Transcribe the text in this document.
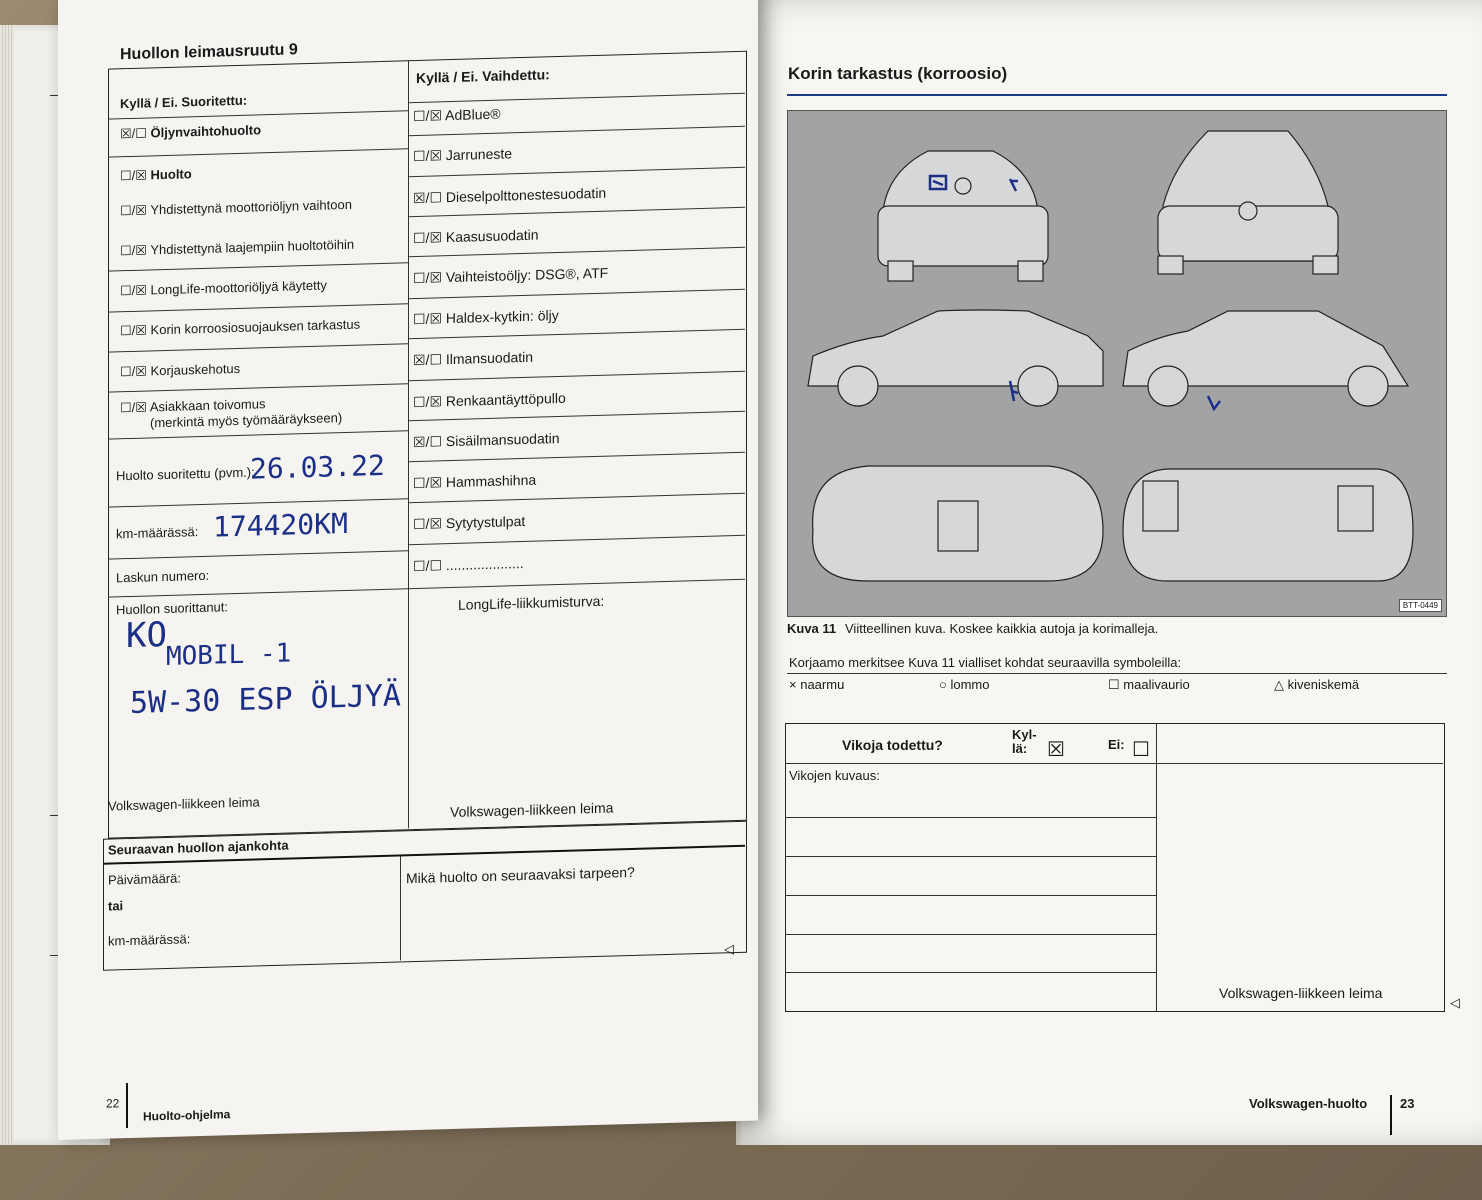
Korin tarkastus (korroosio)
BTT-0449
Kuva 11 Viitteellinen kuva. Koskee kaikkia autoja ja korimalleja.
Korjaamo merkitsee Kuva 11 vialliset kohdat seuraavilla symboleilla:
× naarmu	○ lommo	☐ maalivaurio	△ kiveniskemä
Vikoja todettu?
Kyl-
lä: ☒	Ei: ☐
Vikojen kuvaus:
Volkswagen-liikkeen leima
◁
Volkswagen-huolto	23
Huollon leimausruutu 9
Kyllä / Ei. Suoritettu:
Kyllä / Ei. Vaihdettu:
☒/☐ Öljynvaihtohuolto
☐/☒ Huolto
☐/☒ Yhdistettynä moottoriöljyn vaihtoon
☐/☒ Yhdistettynä laajempiin huoltotöihin
☐/☒ LongLife-moottoriöljyä käytetty
☐/☒ Korin korroosiosuojauksen tarkastus
☐/☒ Korjauskehotus
☐/☒ Asiakkaan toivomus
(merkintä myös työmääräykseen)
Huolto suoritettu (pvm.):
26.03.22
km-määrässä: 174420KM
Laskun numero:
Huollon suorittanut:
KO MOBIL -1
5W-30 ESP ÖLJYÄ
Volkswagen-liikkeen leima
☐/☒ AdBlue®
☐/☒ Jarruneste
☒/☐ Dieselpolttonestesuodatin
☐/☒ Kaasusuodatin
☐/☒ Vaihteistoöljy: DSG®, ATF
☐/☒ Haldex-kytkin: öljy
☒/☐ Ilmansuodatin
☐/☒ Renkaantäyttöpullo
☒/☐ Sisäilmansuodatin
☐/☒ Hammashihna
☐/☒ Sytytystulpat
☐/☐ ....................
LongLife-liikkumisturva:
Volkswagen-liikkeen leima
Seuraavan huollon ajankohta
Päivämäärä:
tai
km-määrässä:
Mikä huolto on seuraavaksi tarpeen?
◁
22
Huolto-ohjelma
